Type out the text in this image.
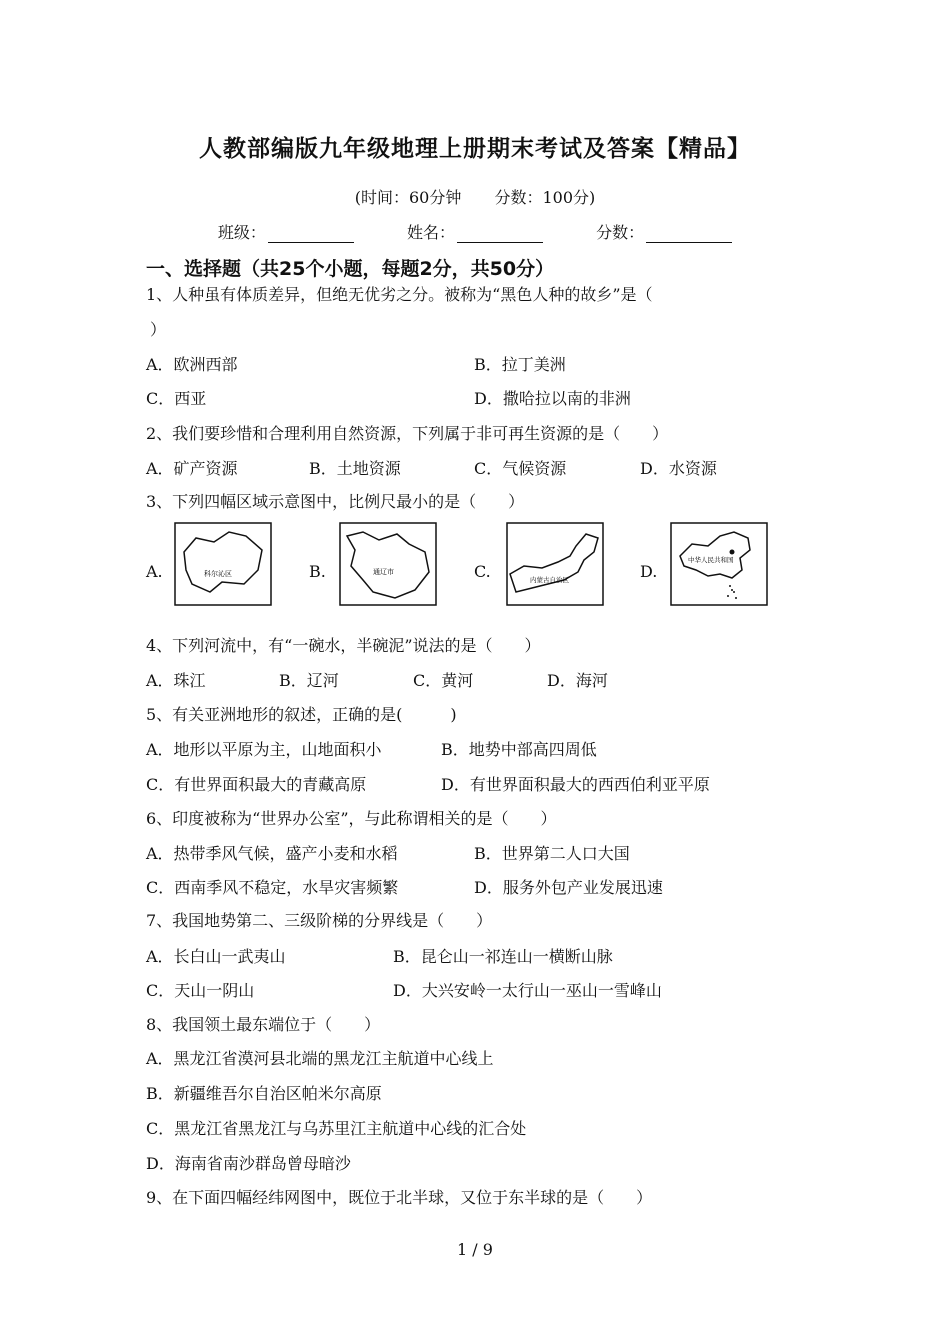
人教部编版九年级地理上册期末考试及答案【精品】
(时间：60分钟 分数：100分)
班级：	姓名：	分数：
一、选择题（共25个小题，每题2分，共50分）
1、人种虽有体质差异，但绝无优劣之分。被称为“黑色人种的故乡”是（
）
A．欧洲西部	B．拉丁美洲
C．西亚	D．撒哈拉以南的非洲
2、我们要珍惜和合理利用自然资源，下列属于非可再生资源的是（　　）
A．矿产资源	B．土地资源	C．气候资源	D．水资源
3、下列四幅区域示意图中，比例尺最小的是（　　）
A.	科尔沁区	B.	通辽市	C.	内蒙古自治区	D.
中华人民共和国
4、下列河流中，有“一碗水，半碗泥”说法的是（　　）
A．珠江	B．辽河	C．黄河	D．海河
5、有关亚洲地形的叙述，正确的是(　　　)
A．地形以平原为主，山地面积小	B．地势中部高四周低
C．有世界面积最大的青藏高原	D．有世界面积最大的西西伯利亚平原
6、印度被称为“世界办公室”，与此称谓相关的是（　　）
A．热带季风气候，盛产小麦和水稻	B．世界第二人口大国
C．西南季风不稳定，水旱灾害频繁	D．服务外包产业发展迅速
7、我国地势第二、三级阶梯的分界线是（　　）
A．长白山一武夷山	B．昆仑山一祁连山一横断山脉
C．天山一阴山	D．大兴安岭一太行山一巫山一雪峰山
8、我国领土最东端位于（　　）
A．黑龙江省漠河县北端的黑龙江主航道中心线上
B．新疆维吾尔自治区帕米尔高原
C．黑龙江省黑龙江与乌苏里江主航道中心线的汇合处
D．海南省南沙群岛曾母暗沙
9、在下面四幅经纬网图中，既位于北半球，又位于东半球的是（　　）
1 / 9
